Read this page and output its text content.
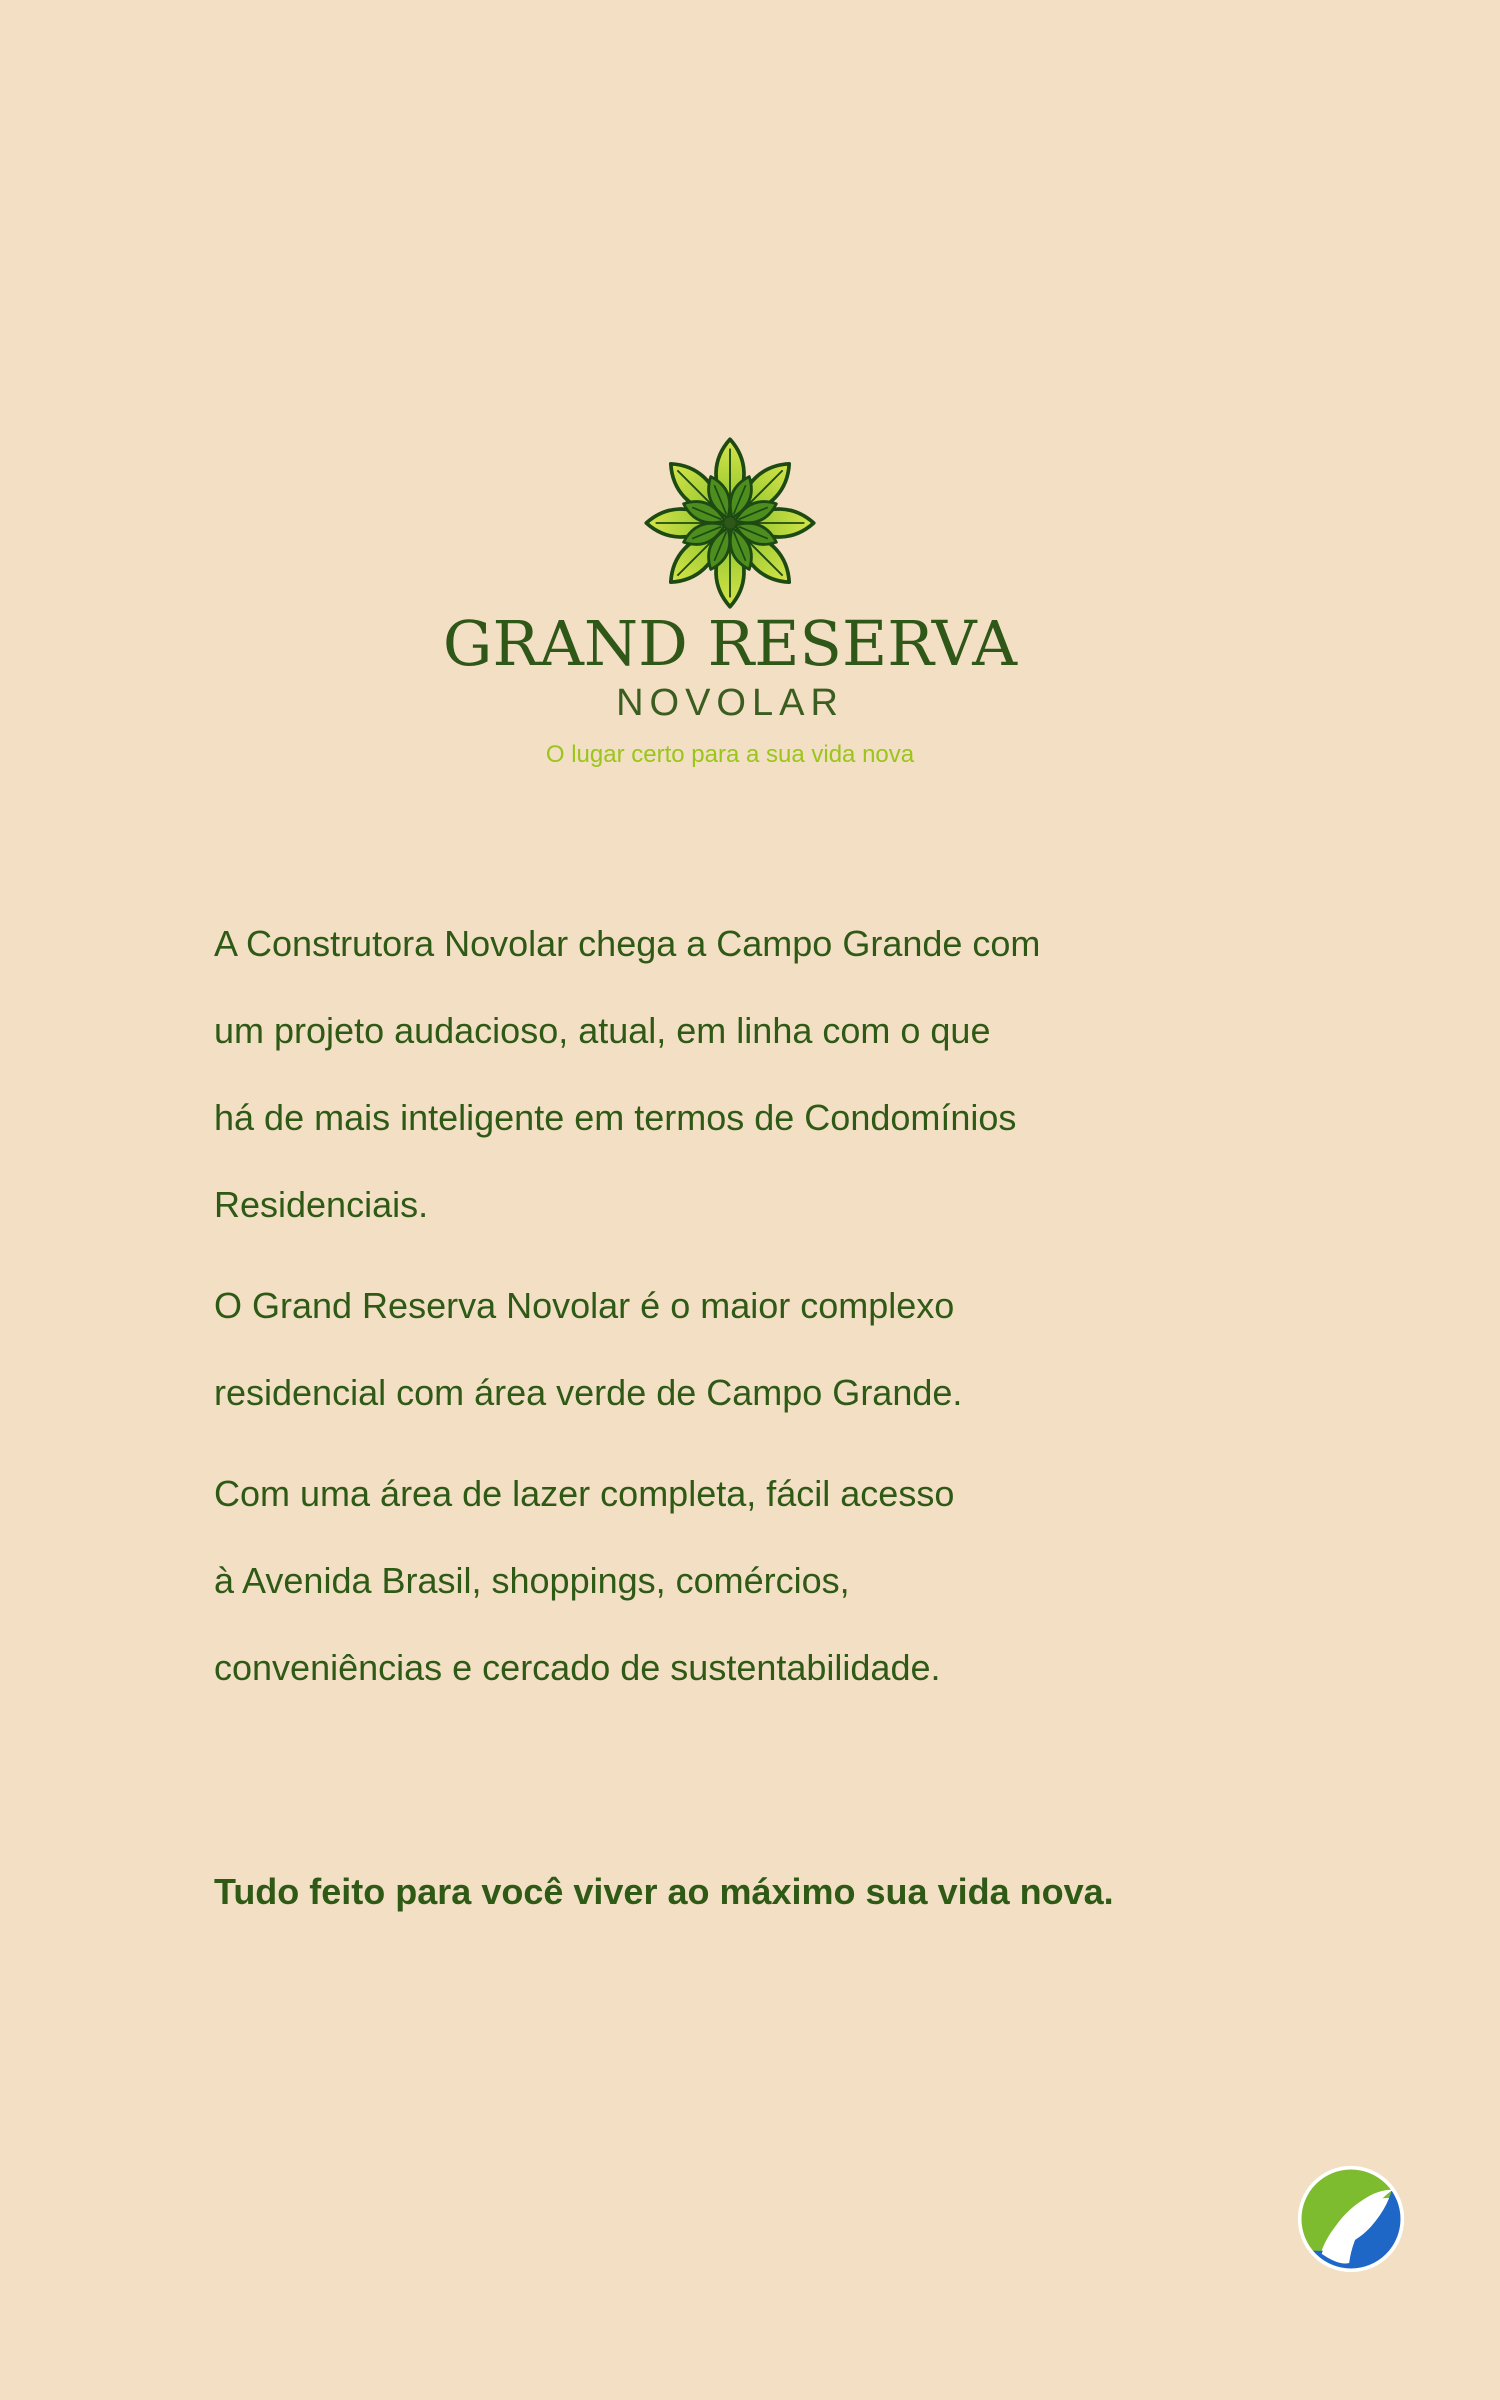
GRAND RESERVA
NOVOLAR
O lugar certo para a sua vida nova

A Construtora Novolar chega a Campo Grande com
um projeto audacioso, atual, em linha com o que
há de mais inteligente em termos de Condomínios
Residenciais.

O Grand Reserva Novolar é o maior complexo
residencial com área verde de Campo Grande.

Com uma área de lazer completa, fácil acesso
à Avenida Brasil, shoppings, comércios,
conveniências e cercado de sustentabilidade.

Tudo feito para você viver ao máximo sua vida nova.
